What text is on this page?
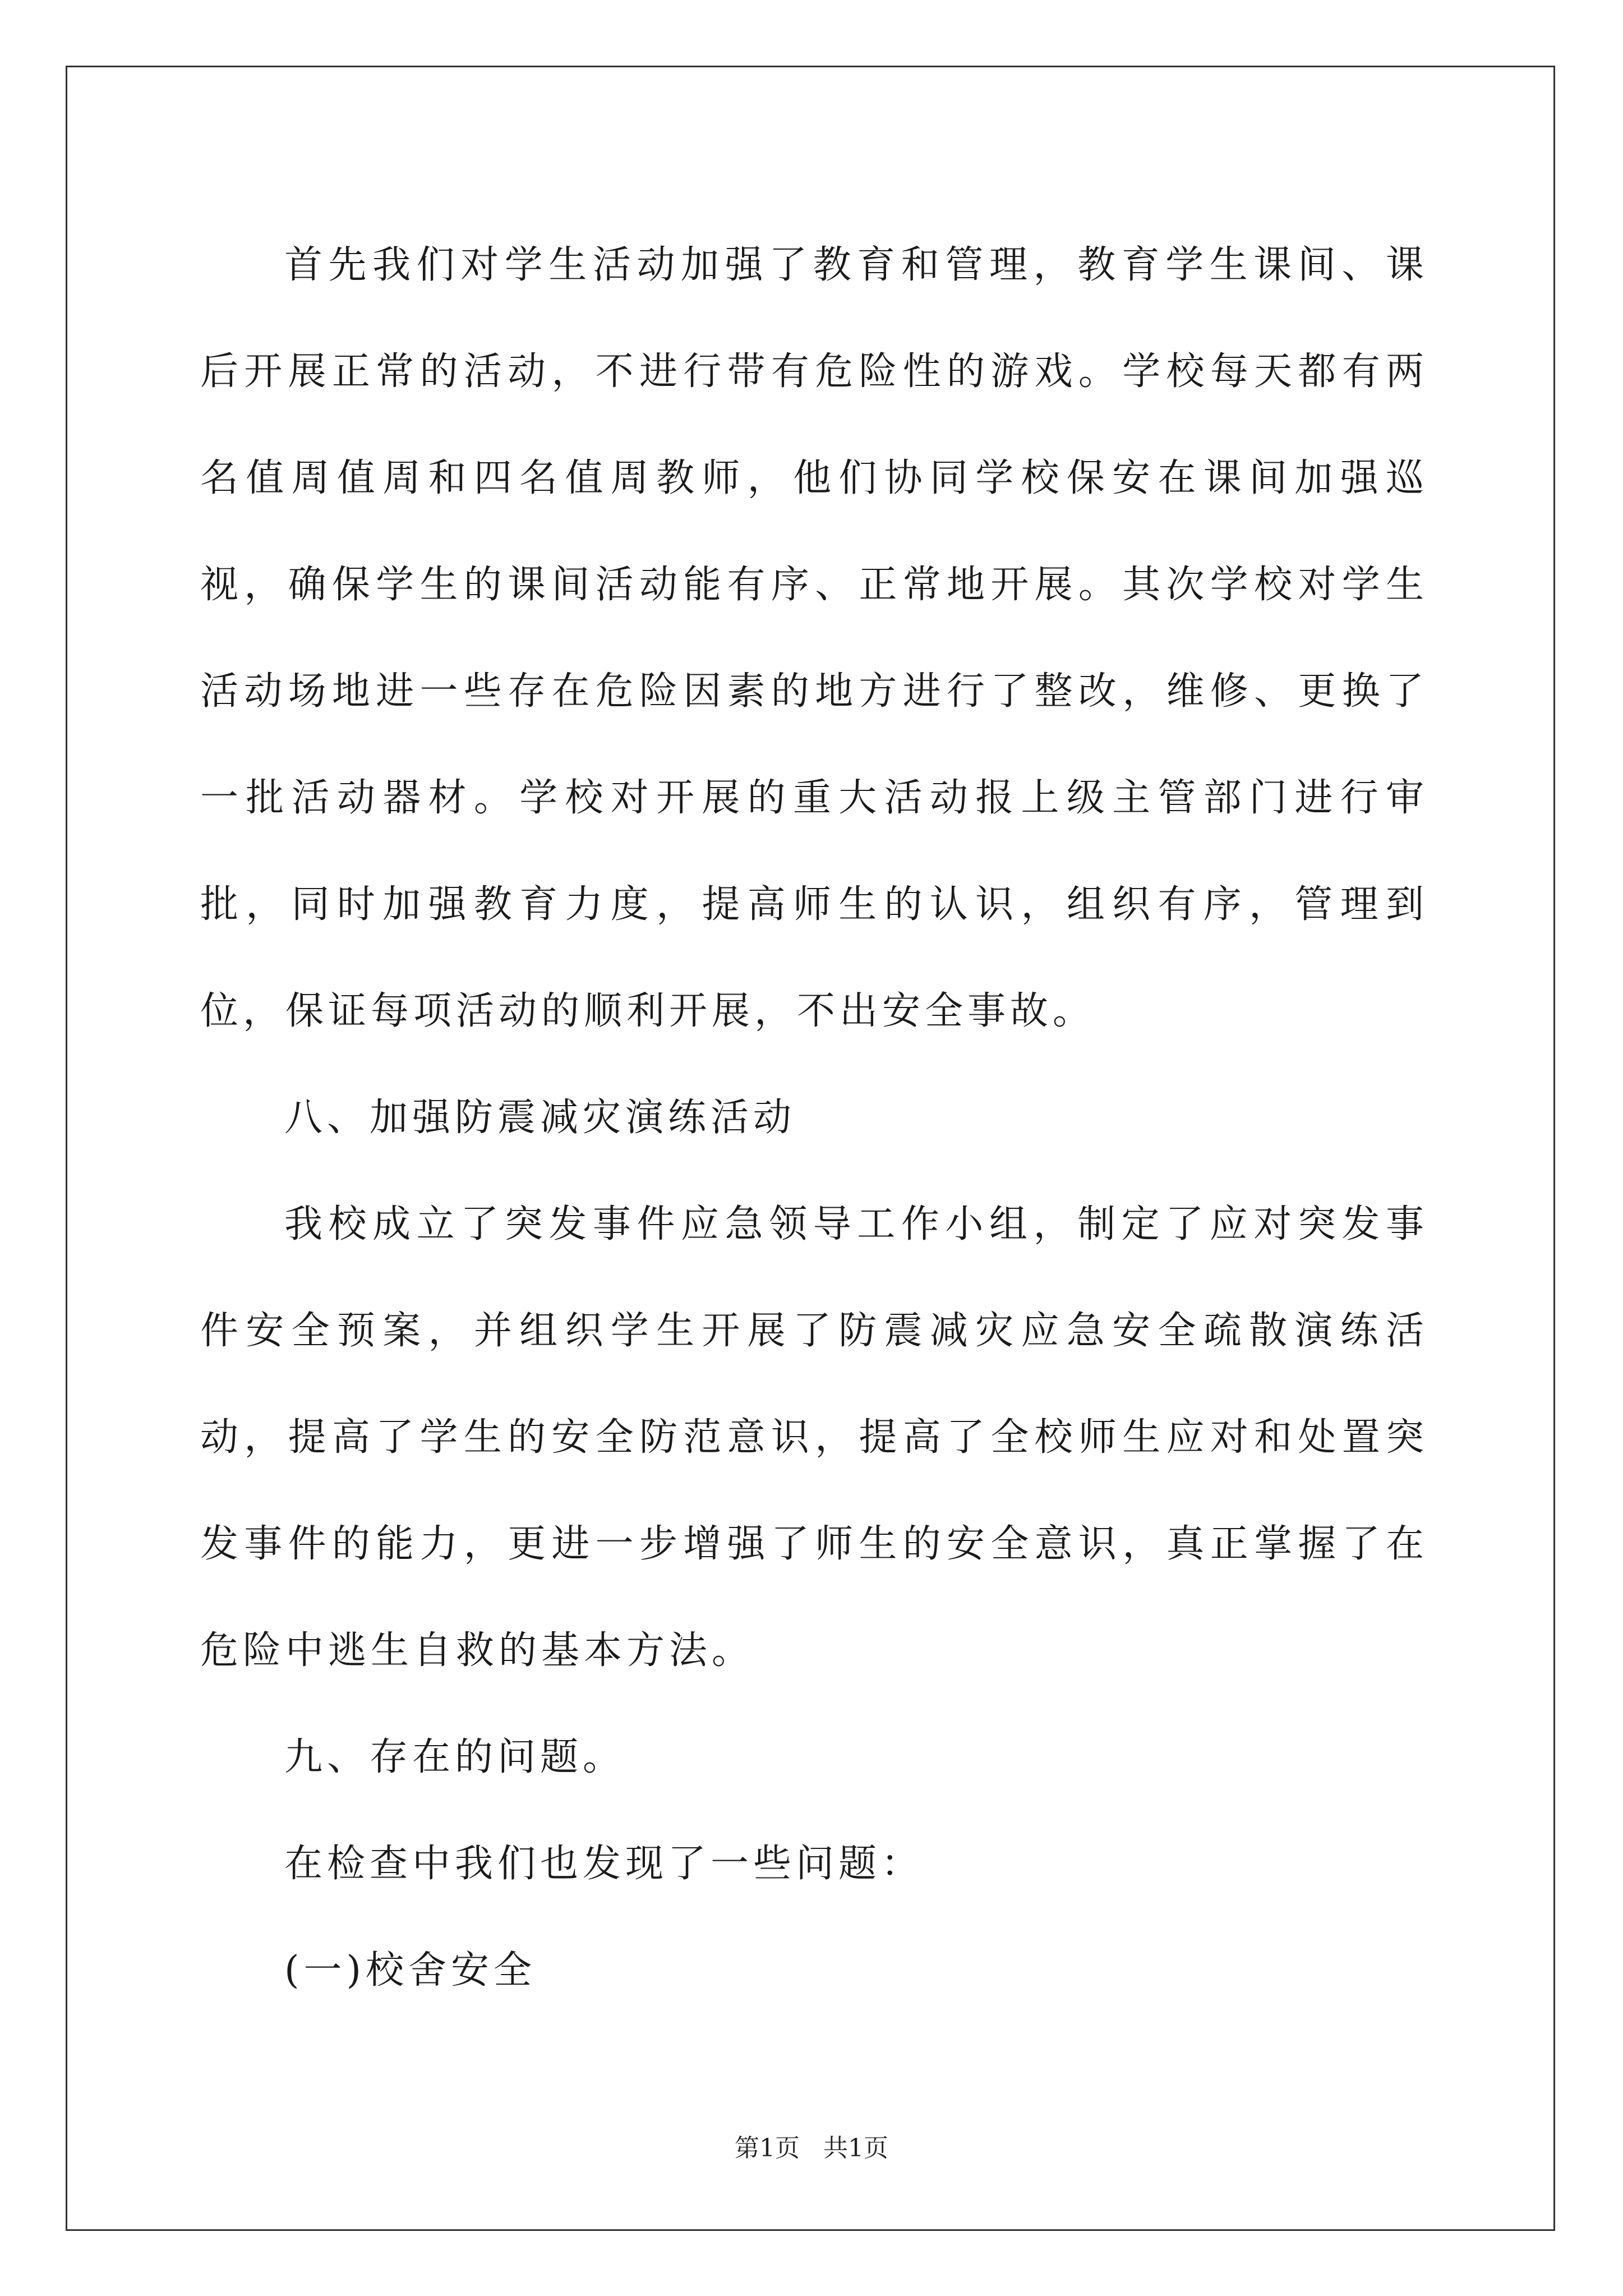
首先我们对学生活动加强了教育和管理，教育学生课间、课后开展正常的活动，不进行带有危险性的游戏。学校每天都有两名值周值周和四名值周教师，他们协同学校保安在课间加强巡视，确保学生的课间活动能有序、正常地开展。其次学校对学生活动场地进一些存在危险因素的地方进行了整改，维修、更换了一批活动器材。学校对开展的重大活动报上级主管部门进行审批，同时加强教育力度，提高师生的认识，组织有序，管理到位，保证每项活动的顺利开展，不出安全事故。

八、加强防震减灾演练活动

我校成立了突发事件应急领导工作小组，制定了应对突发事件安全预案，并组织学生开展了防震减灾应急安全疏散演练活动，提高了学生的安全防范意识，提高了全校师生应对和处置突发事件的能力，更进一步增强了师生的安全意识，真正掌握了在危险中逃生自救的基本方法。

九、存在的问题。

在检查中我们也发现了一些问题：

(一)校舍安全

第1页 共1页
